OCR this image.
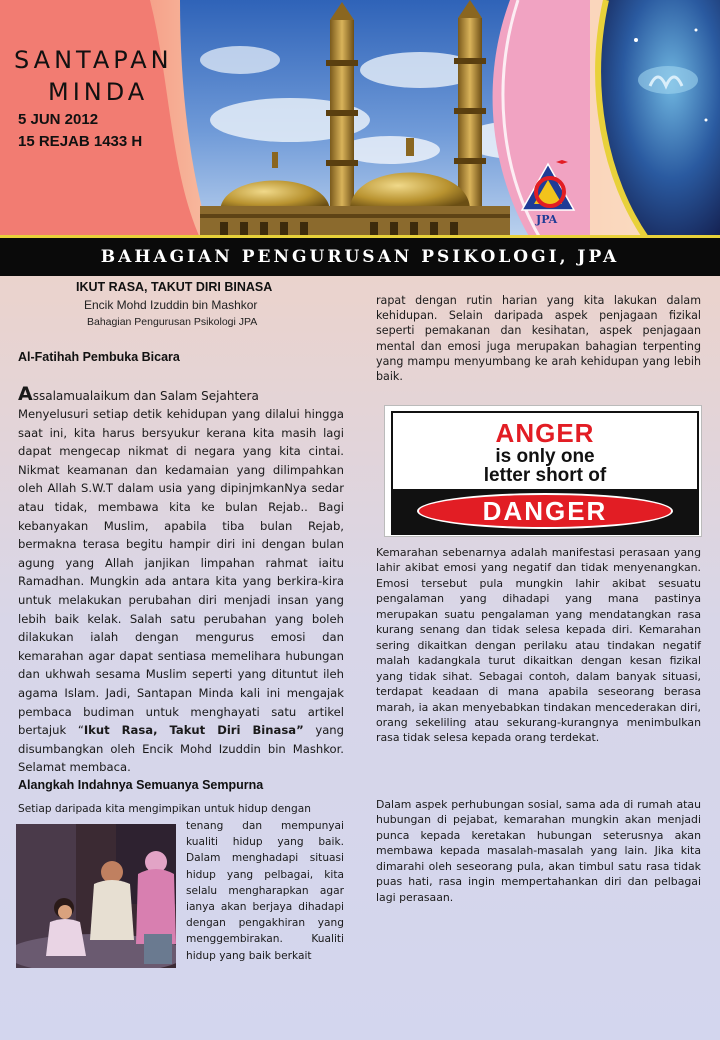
JPA
SANTAPAN
MINDA
5 JUN 2012
15 REJAB 1433 H
BAHAGIAN PENGURUSAN PSIKOLOGI, JPA
IKUT RASA, TAKUT DIRI BINASA
Encik Mohd Izuddin bin Mashkor
Bahagian Pengurusan Psikologi JPA
Al-Fatihah Pembuka Bicara
Assalamualaikum dan Salam Sejahtera
Menyelusuri setiap detik kehidupan yang dilalui hingga saat ini, kita harus bersyukur kerana kita masih lagi dapat mengecap nikmat di negara yang kita cintai. Nikmat keamanan dan kedamaian yang dilimpahkan oleh Allah S.W.T dalam usia yang dipinjmkanNya sedar atau tidak, membawa kita ke bulan Rejab.. Bagi kebanyakan Muslim, apabila tiba bulan Rejab, bermakna terasa begitu hampir diri ini dengan bulan agung yang Allah janjikan limpahan rahmat iaitu Ramadhan. Mungkin ada antara kita yang berkira-kira untuk melakukan perubahan diri menjadi insan yang lebih baik kelak. Salah satu perubahan yang boleh dilakukan ialah dengan mengurus emosi dan kemarahan agar dapat sentiasa memelihara hubungan dan ukhwah sesama Muslim seperti yang dituntut ileh agama Islam. Jadi, Santapan Minda kali ini mengajak pembaca budiman untuk menghayati satu artikel bertajuk “Ikut Rasa, Takut Diri Binasa” yang disumbangkan oleh Encik Mohd Izuddin bin Mashkor. Selamat membaca.
Alangkah Indahnya Semuanya Sempurna
Setiap daripada kita mengimpikan untuk hidup dengan
tenang dan mempunyai kualiti hidup yang baik. Dalam menghadapi situasi hidup yang pelbagai, kita selalu mengharapkan agar ianya akan berjaya dihadapi dengan pengakhiran yang menggembirakan. Kualiti hidup yang baik berkait
rapat dengan rutin harian yang kita lakukan dalam kehidupan. Selain daripada aspek penjagaan fizikal seperti pemakanan dan kesihatan, aspek penjagaan mental dan emosi juga merupakan bahagian terpenting yang mampu menyumbang ke arah kehidupan yang lebih baik.
ANGER
is only one
letter short of
DANGER
Kemarahan sebenarnya adalah manifestasi perasaan yang lahir akibat emosi yang negatif dan tidak menyenangkan. Emosi tersebut pula mungkin lahir akibat sesuatu pengalaman yang dihadapi yang mana pastinya merupakan suatu pengalaman yang mendatangkan rasa kurang senang dan tidak selesa kepada diri. Kemarahan sering dikaitkan dengan perilaku atau tindakan negatif malah kadangkala turut dikaitkan dengan kesan fizikal yang tidak sihat. Sebagai contoh, dalam banyak situasi, terdapat keadaan di mana apabila seseorang berasa marah, ia akan menyebabkan tindakan mencederakan diri, orang sekeliling atau sekurang-kurangnya menimbulkan rasa tidak selesa kepada orang terdekat.
Dalam aspek perhubungan sosial, sama ada di rumah atau hubungan di pejabat, kemarahan mungkin akan menjadi punca kepada keretakan hubungan seterusnya akan membawa kepada masalah-masalah yang lain. Jika kita dimarahi oleh seseorang pula, akan timbul satu rasa tidak puas hati, rasa ingin mempertahankan diri dan pelbagai lagi perasaan.
